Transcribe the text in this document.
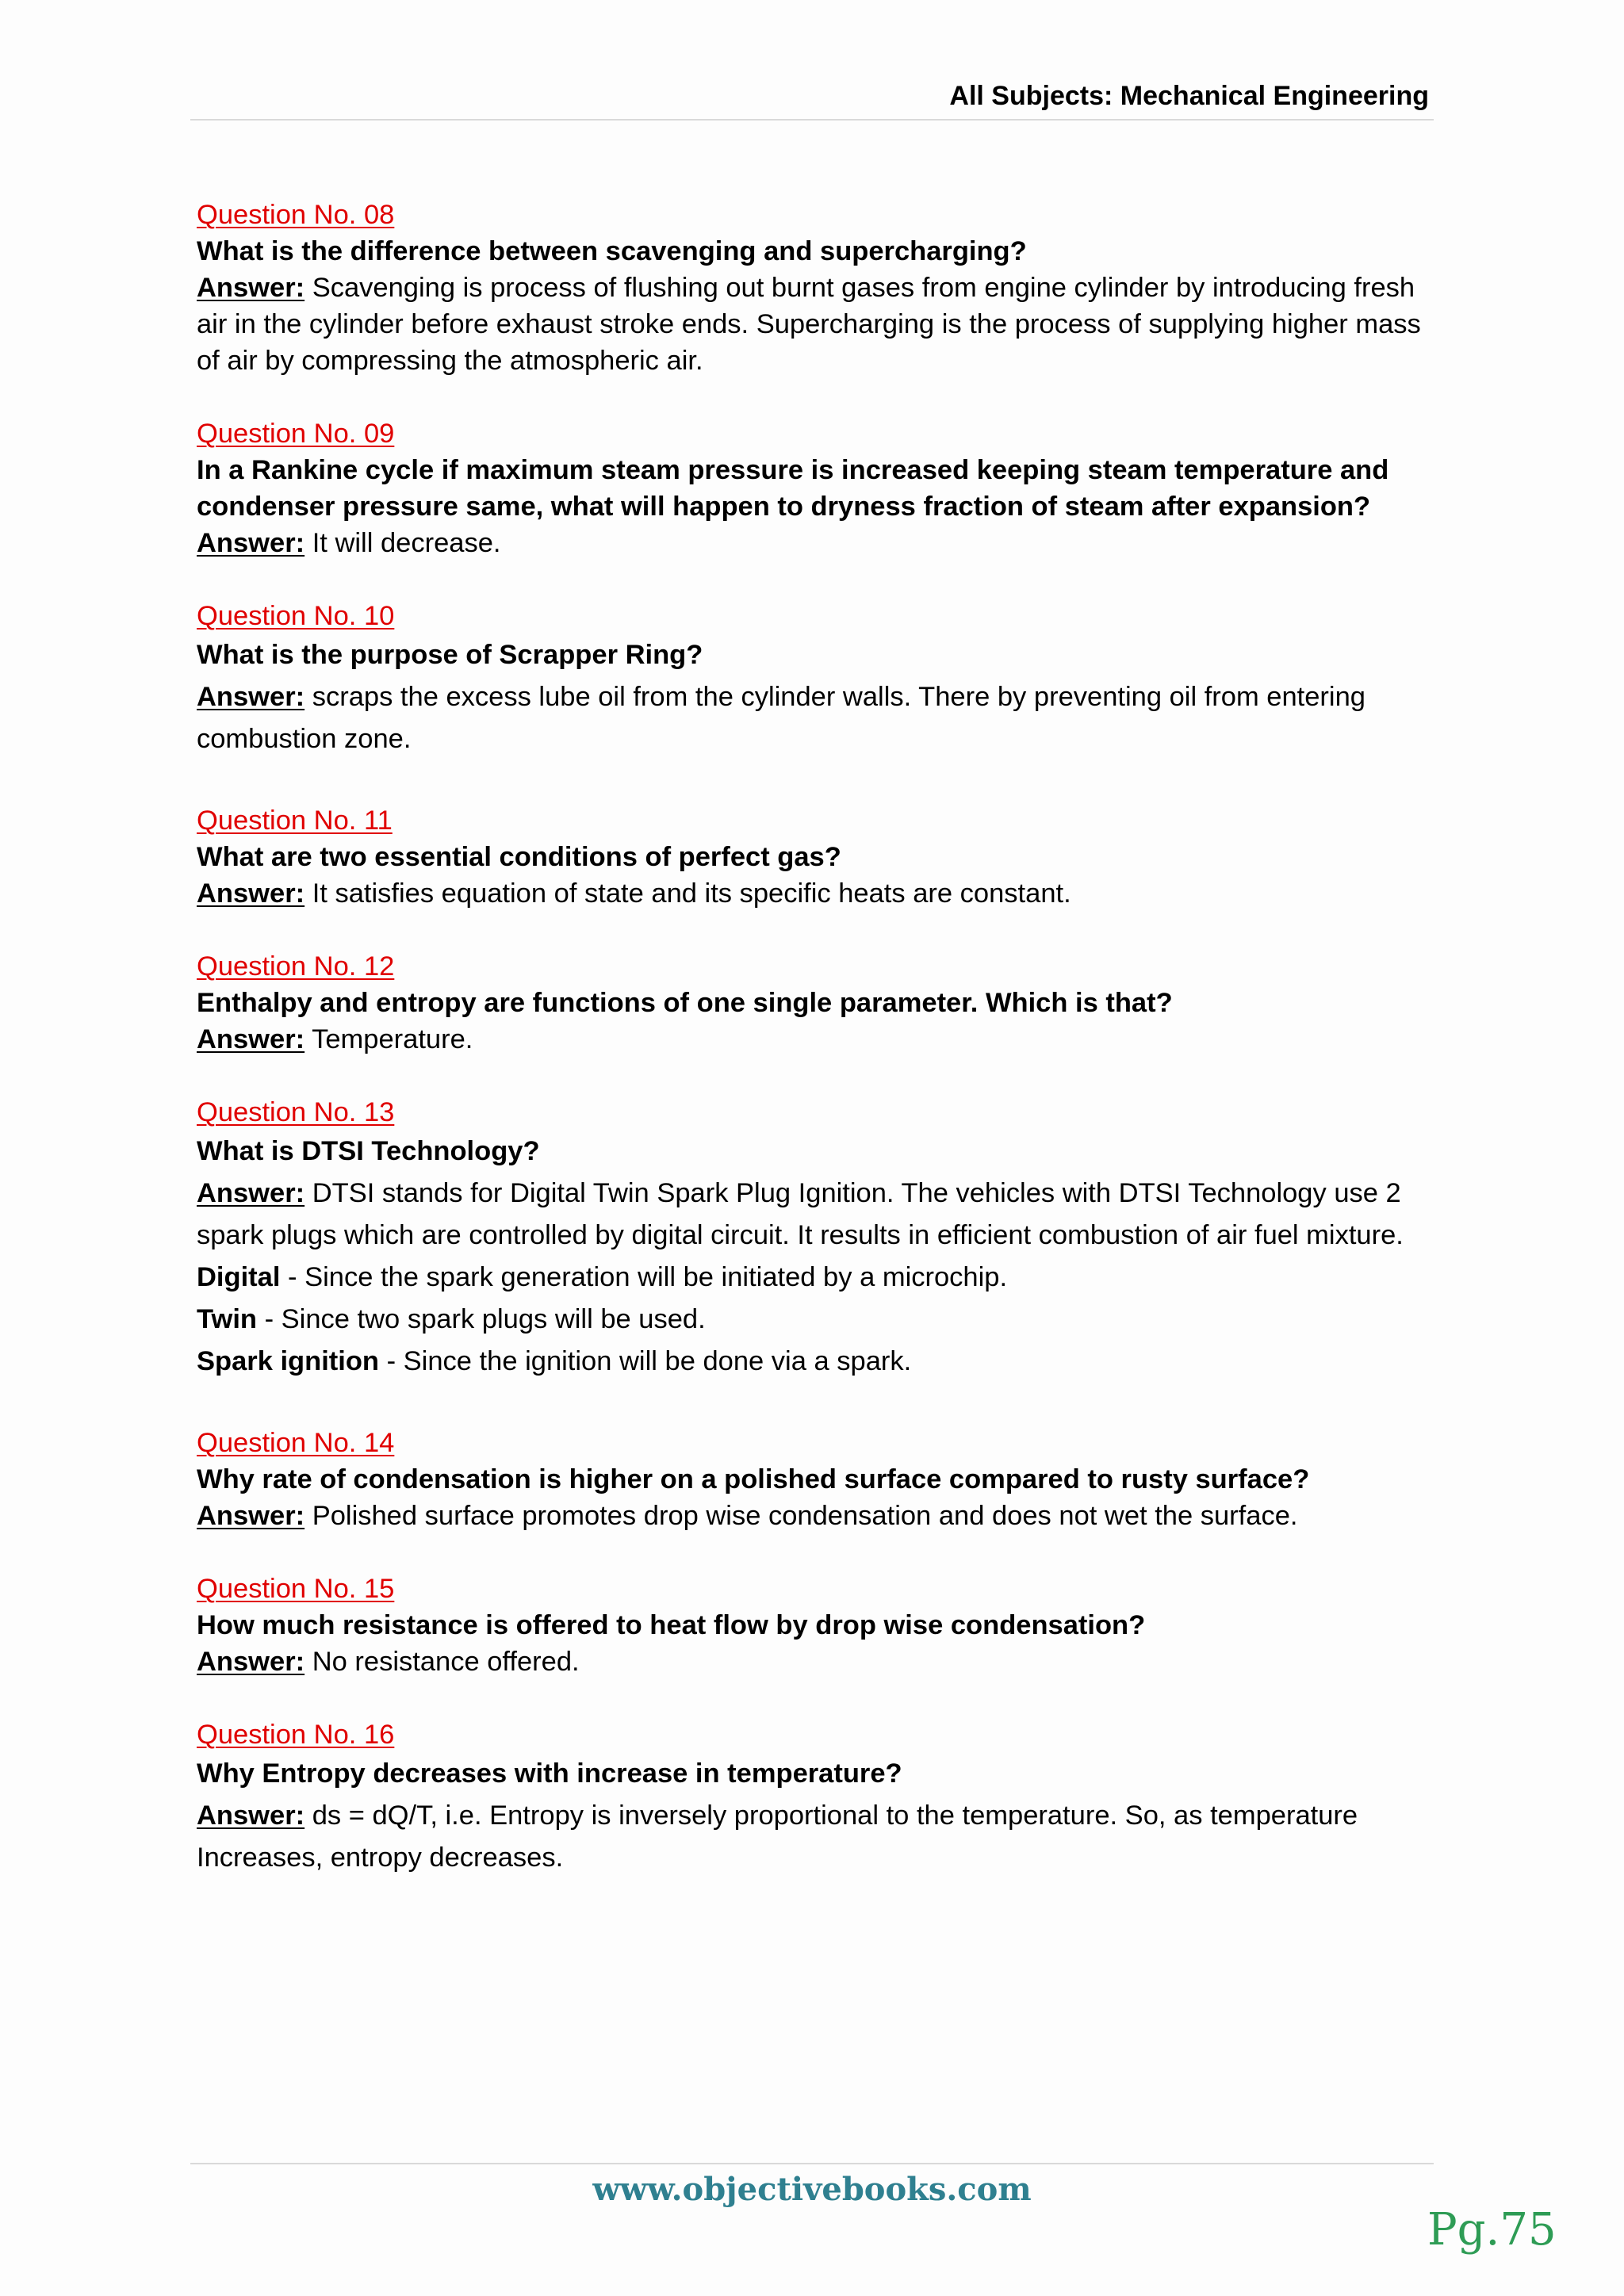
All Subjects: Mechanical Engineering
Question No. 08
What is the difference between scavenging and supercharging?
Answer: Scavenging is process of flushing out burnt gases from engine cylinder by introducing fresh air in the cylinder before exhaust stroke ends. Supercharging is the process of supplying higher mass of air by compressing the atmospheric air.
Question No. 09
In a Rankine cycle if maximum steam pressure is increased keeping steam temperature and condenser pressure same, what will happen to dryness fraction of steam after expansion?
Answer: It will decrease.
Question No. 10
What is the purpose of Scrapper Ring?
Answer: scraps the excess lube oil from the cylinder walls. There by preventing oil from entering combustion zone.
Question No. 11
What are two essential conditions of perfect gas?
Answer: It satisfies equation of state and its specific heats are constant.
Question No. 12
Enthalpy and entropy are functions of one single parameter. Which is that?
Answer: Temperature.
Question No. 13
What is DTSI Technology?
Answer: DTSI stands for Digital Twin Spark Plug Ignition. The vehicles with DTSI Technology use 2 spark plugs which are controlled by digital circuit. It results in efficient combustion of air fuel mixture.
Digital - Since the spark generation will be initiated by a microchip.
Twin - Since two spark plugs will be used.
Spark ignition - Since the ignition will be done via a spark.
Question No. 14
Why rate of condensation is higher on a polished surface compared to rusty surface?
Answer: Polished surface promotes drop wise condensation and does not wet the surface.
Question No. 15
How much resistance is offered to heat flow by drop wise condensation?
Answer: No resistance offered.
Question No. 16
Why Entropy decreases with increase in temperature?
Answer: ds = dQ/T, i.e. Entropy is inversely proportional to the temperature. So, as temperature Increases, entropy decreases.
www.objectivebooks.com
Pg.75
